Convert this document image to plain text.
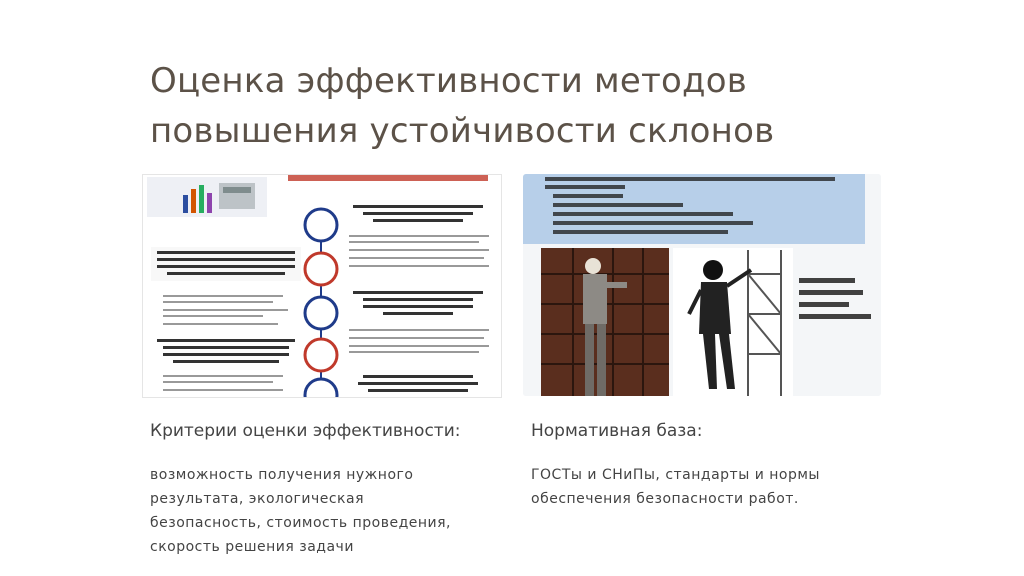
Оценка эффективности методов
повышения устойчивости склонов
Критерии оценки эффективности:	Нормативная база:
возможность получения нужного
результата, экологическая
безопасность, стоимость проведения,
скорость решения задачи
ГОСТы и СНиПы, стандарты и нормы
обеспечения безопасности работ.
